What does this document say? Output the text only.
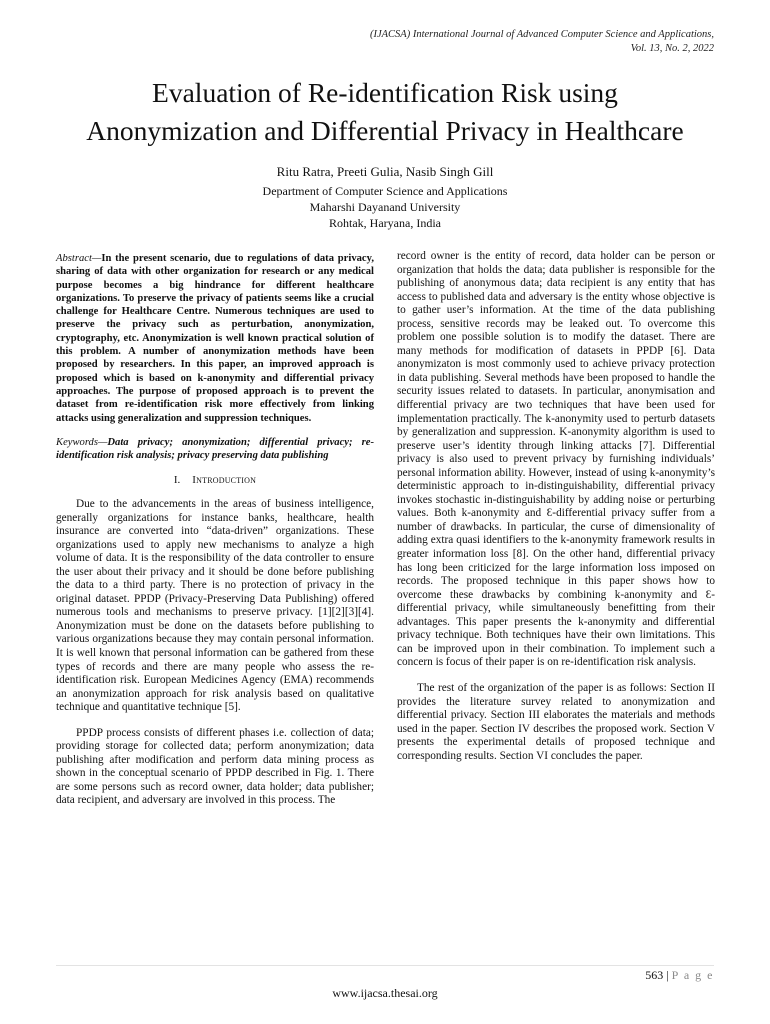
(IJACSA) International Journal of Advanced Computer Science and Applications,
Vol. 13, No. 2, 2022
Evaluation of Re-identification Risk using
Anonymization and Differential Privacy in Healthcare
Ritu Ratra, Preeti Gulia, Nasib Singh Gill
Department of Computer Science and Applications
Maharshi Dayanand University
Rohtak, Haryana, India

Abstract—In the present scenario, due to regulations of data privacy, sharing of data with other organization for research or any medical purpose becomes a big hindrance for different healthcare organizations. To preserve the privacy of patients seems like a crucial challenge for Healthcare Centre. Numerous techniques are used to preserve the privacy such as perturbation, anonymization, cryptography, etc. Anonymization is well known practical solution of this problem. A number of anonymization methods have been proposed by researchers. In this paper, an improved approach is proposed which is based on k-anonymity and differential privacy approaches. The purpose of proposed approach is to prevent the dataset from re-identification risk more effectively from linking attacks using generalization and suppression techniques.

Keywords—Data privacy; anonymization; differential privacy; re-identification risk analysis; privacy preserving data publishing

I. Introduction

Due to the advancements in the areas of business intelligence, generally organizations for instance banks, healthcare, health insurance are converted into “data-driven” organizations. These organizations used to apply new mechanisms to analyze a high volume of data. It is the responsibility of the data controller to ensure the user about their privacy and it should be done before publishing the data to a third party. There is no protection of privacy in the original dataset. PPDP (Privacy-Preserving Data Publishing) offered numerous tools and mechanisms to preserve privacy. [1][2][3][4]. Anonymization must be done on the datasets before publishing to various organizations because they may contain personal information. It is well known that personal information can be gathered from these types of records and there are many people who assess the re-identification risk. European Medicines Agency (EMA) recommends an anonymization approach for risk analysis based on qualitative technique and quantitative technique [5].

PPDP process consists of different phases i.e. collection of data; providing storage for collected data; perform anonymization; data publishing after modification and perform data mining process as shown in the conceptual scenario of PPDP described in Fig. 1. There are some persons such as record owner, data holder; data publisher; data recipient, and adversary are involved in this process. The

record owner is the entity of record, data holder can be person or organization that holds the data; data publisher is responsible for the publishing of anonymous data; data recipient is any entity that has access to published data and adversary is the entity whose objective is to gather user’s information. At the time of the data publishing process, sensitive records may be leaked out. To overcome this problem one possible solution is to modify the dataset. There are many methods for modification of datasets in PPDP [6]. Data anonymizaton is most commonly used to achieve privacy protection in data publishing. Several methods have been proposed to handle the security issues related to datasets. In particular, anonymisation and differential privacy are two techniques that have been used for implementation practically. The k-anonymity used to perturb datasets by generalization and suppression. K-anonymity algorithm is used to preserve user’s identity through linking attacks [7]. Differential privacy is also used to prevent privacy by furnishing individuals’ personal information ability. However, instead of using k-anonymity’s deterministic approach to in-distinguishability, differential privacy invokes stochastic in-distinguishability by adding noise or perturbing values. Both k-anonymity and Ɛ-differential privacy suffer from a number of drawbacks. In particular, the curse of dimensionality of adding extra quasi identifiers to the k-anonymity framework results in greater information loss [8]. On the other hand, differential privacy has long been criticized for the large information loss imposed on records. The proposed technique in this paper shows how to overcome these drawbacks by combining k-anonymity and Ɛ-differential privacy, while simultaneously benefitting from their advantages. This paper presents the k-anonymity and differential privacy technique. Both techniques have their own limitations. This can be improved upon in their combination. To implement such a concern is focus of their paper is on re-identification risk analysis.

The rest of the organization of the paper is as follows: Section II provides the literature survey related to anonymization and differential privacy. Section III elaborates the materials and methods used in the paper. Section IV describes the proposed work. Section V presents the experimental details of proposed technique and corresponding results. Section VI concludes the paper.

563 | P a g e
www.ijacsa.thesai.org
